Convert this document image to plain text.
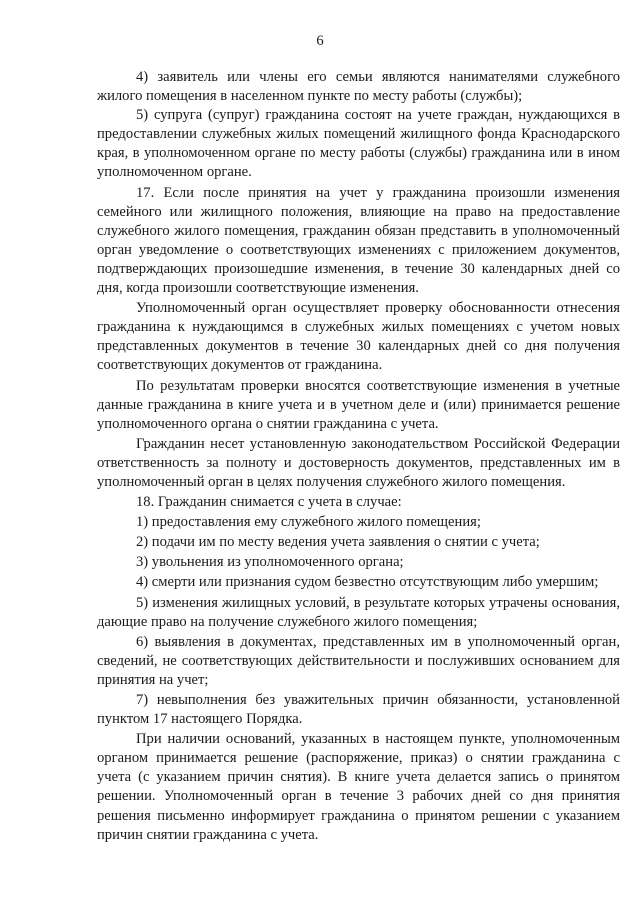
6

4) заявитель или члены его семьи являются нанимателями служебного жилого помещения в населенном пункте по месту работы (службы);

5) супруга (супруг) гражданина состоят на учете граждан, нуждающихся в предоставлении служебных жилых помещений жилищного фонда Краснодарского края, в уполномоченном органе по месту работы (службы) гражданина или в ином уполномоченном органе.

17. Если после принятия на учет у гражданина произошли изменения семейного или жилищного положения, влияющие на право на предоставление служебного жилого помещения, гражданин обязан представить в уполномоченный орган уведомление о соответствующих изменениях с приложением документов, подтверждающих произошедшие изменения, в течение 30 календарных дней со дня, когда произошли соответствующие изменения.

Уполномоченный орган осуществляет проверку обоснованности отнесения гражданина к нуждающимся в служебных жилых помещениях с учетом новых представленных документов в течение 30 календарных дней со дня получения соответствующих документов от гражданина.

По результатам проверки вносятся соответствующие изменения в учетные данные гражданина в книге учета и в учетном деле и (или) принимается решение уполномоченного органа о снятии гражданина с учета.

Гражданин несет установленную законодательством Российской Федерации ответственность за полноту и достоверность документов, представленных им в уполномоченный орган в целях получения служебного жилого помещения.

18. Гражданин снимается с учета в случае:

1) предоставления ему служебного жилого помещения;

2) подачи им по месту ведения учета заявления о снятии с учета;

3) увольнения из уполномоченного органа;

4) смерти или признания судом безвестно отсутствующим либо умершим;

5) изменения жилищных условий, в результате которых утрачены основания, дающие право на получение служебного жилого помещения;

6) выявления в документах, представленных им в уполномоченный орган, сведений, не соответствующих действительности и послуживших основанием для принятия на учет;

7) невыполнения без уважительных причин обязанности, установленной пунктом 17 настоящего Порядка.

При наличии оснований, указанных в настоящем пункте, уполномоченным органом принимается решение (распоряжение, приказ) о снятии гражданина с учета (с указанием причин снятия). В книге учета делается запись о принятом решении. Уполномоченный орган в течение 3 рабочих дней со дня принятия решения письменно информирует гражданина о принятом решении с указанием причин снятии гражданина с учета.
